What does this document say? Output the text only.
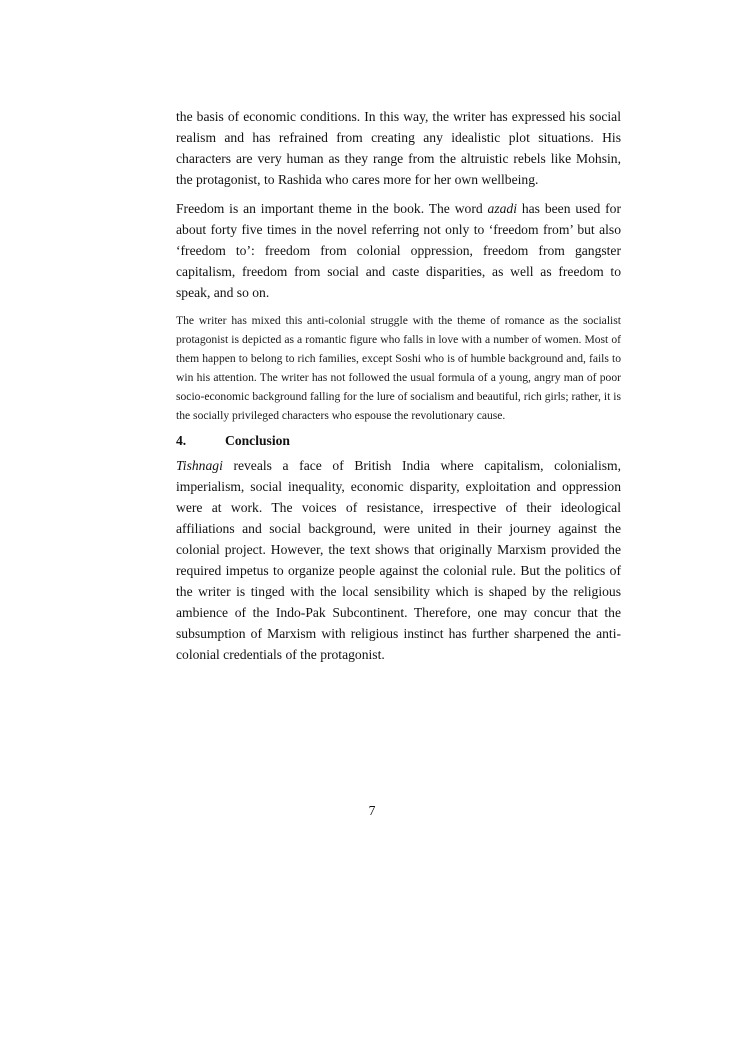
the basis of economic conditions. In this way, the writer has expressed his social realism and has refrained from creating any idealistic plot situations. His characters are very human as they range from the altruistic rebels like Mohsin, the protagonist, to Rashida who cares more for her own wellbeing.

Freedom is an important theme in the book. The word azadi has been used for about forty five times in the novel referring not only to ‘freedom from’ but also ‘freedom to’: freedom from colonial oppression, freedom from gangster capitalism, freedom from social and caste disparities, as well as freedom to speak, and so on.

The writer has mixed this anti-colonial struggle with the theme of romance as the socialist protagonist is depicted as a romantic figure who falls in love with a number of women. Most of them happen to belong to rich families, except Soshi who is of humble background and, fails to win his attention. The writer has not followed the usual formula of a young, angry man of poor socio-economic background falling for the lure of socialism and beautiful, rich girls; rather, it is the socially privileged characters who espouse the revolutionary cause.

4.	Conclusion

Tishnagi reveals a face of British India where capitalism, colonialism, imperialism, social inequality, economic disparity, exploitation and oppression were at work. The voices of resistance, irrespective of their ideological affiliations and social background, were united in their journey against the colonial project. However, the text shows that originally Marxism provided the required impetus to organize people against the colonial rule. But the politics of the writer is tinged with the local sensibility which is shaped by the religious ambience of the Indo-Pak Subcontinent. Therefore, one may concur that the subsumption of Marxism with religious instinct has further sharpened the anti-colonial credentials of the protagonist.

7
